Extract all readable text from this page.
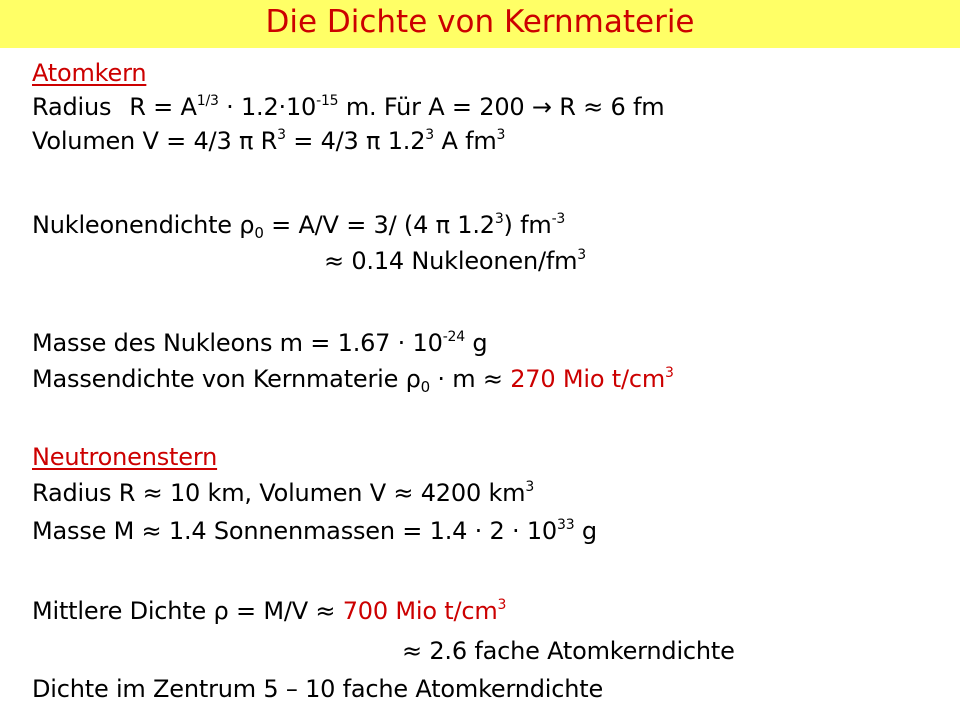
Die Dichte von Kernmaterie
Atomkern
Radius $R = A^{1/3} \cdot 1.2\cdot 10^{-15}$ m. Für A = 200 → R ≈ 6 fm
Volumen V = 4/3 π $R^3 = 4/3$ π $1.2^3$ A $fm^3$
Nukleonendichte $\rho_0 = A/V = 3/$ (4 π $1.2^3$) $fm^{-3}$
≈ 0.14 Nukleonen/$fm^3$
Masse des Nukleons $m = 1.67 \cdot 10^{-24}$ g
Massendichte von Kernmaterie $\rho_0 \cdot m \approx 270$ Mio $t/cm^3$
Neutronenstern
Radius R ≈ 10 km, Volumen V ≈ 4200 $km^3$
Masse M ≈ 1.4 Sonnenmassen = $1.4 \cdot 2 \cdot 10^{33}$ g
Mittlere Dichte ρ = M/V ≈ 700 Mio $t/cm^3$
≈ 2.6 fache Atomkerndichte
Dichte im Zentrum 5 – 10 fache Atomkerndichte
